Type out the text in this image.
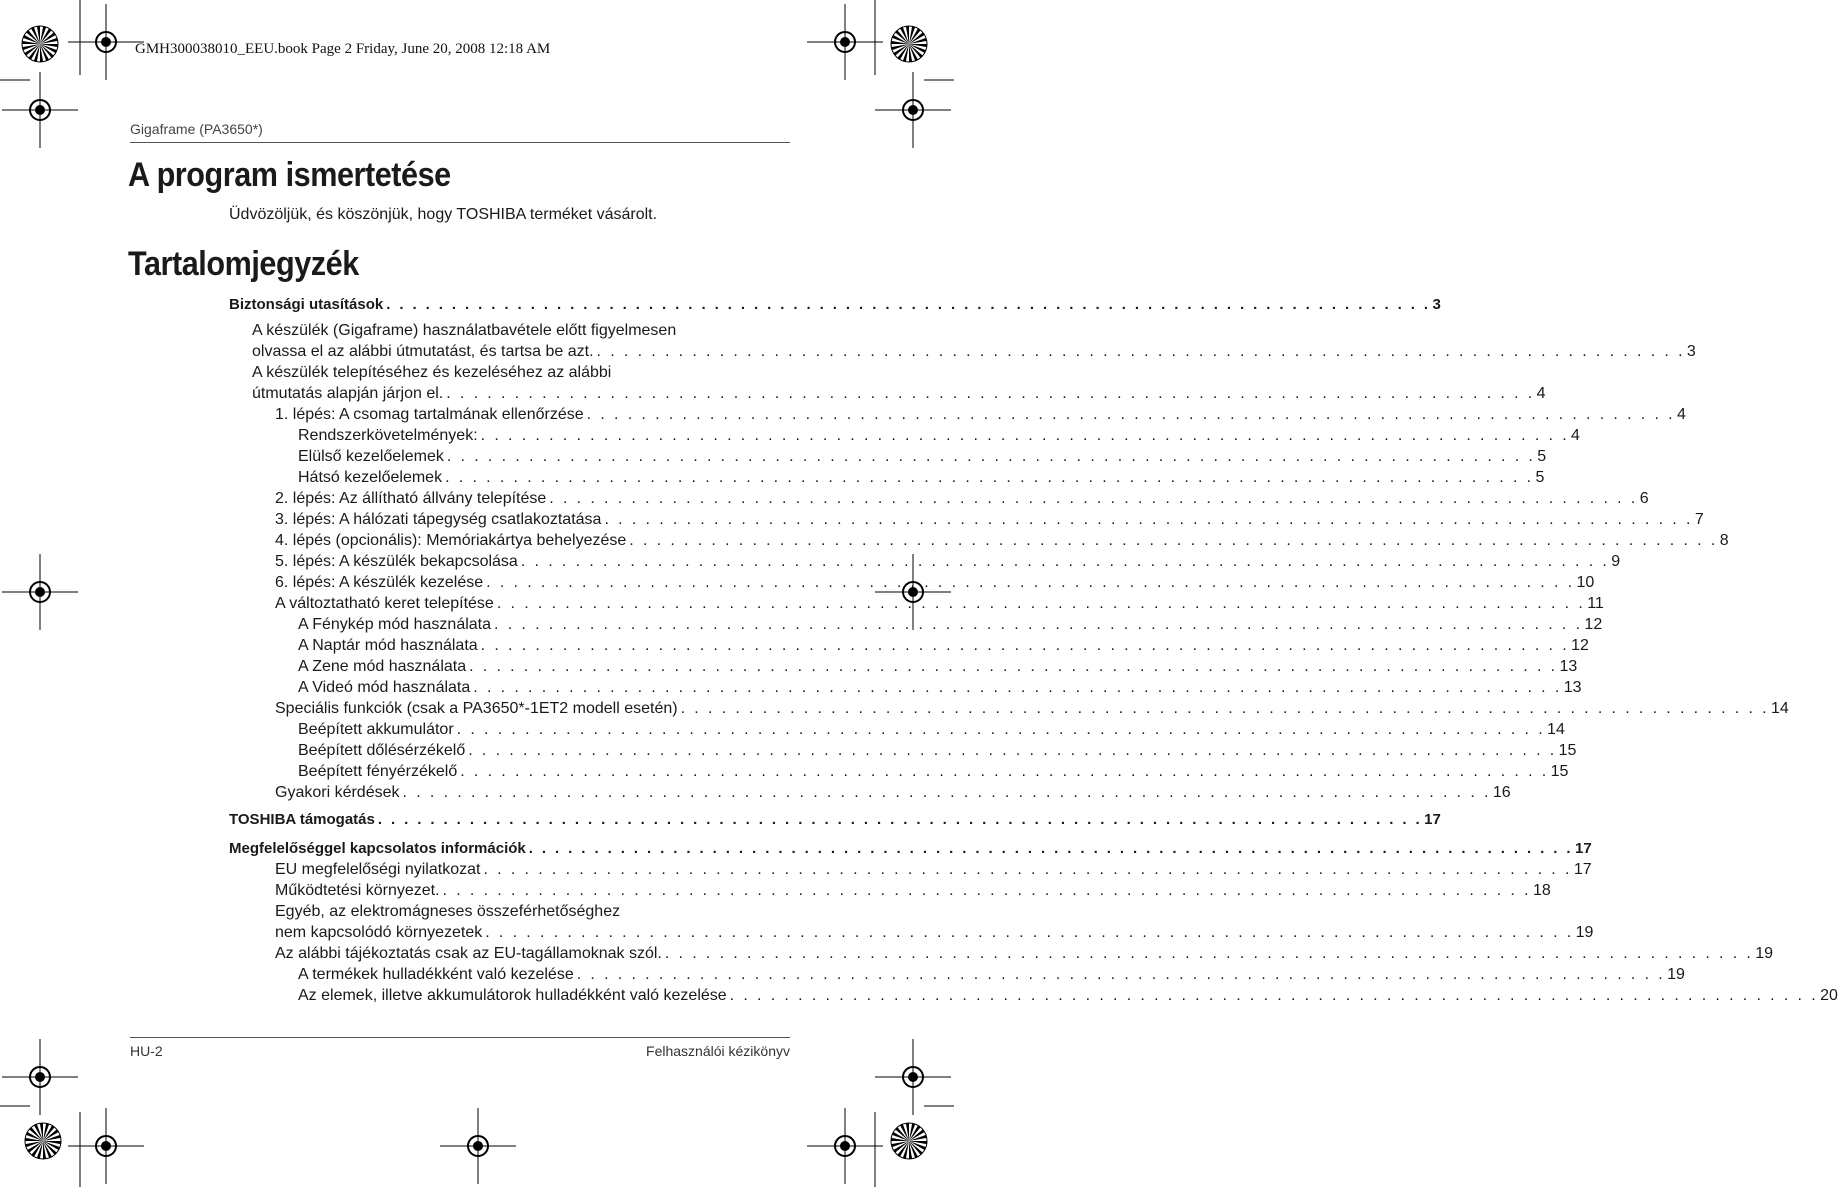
GMH300038010_EEU.book Page 2 Friday, June 20, 2008 12:18 AM
Gigaframe (PA3650*)
A program ismertetése
Üdvözöljük, és köszönjük, hogy TOSHIBA terméket vásárolt.
Tartalomjegyzék
Biztonsági utasítások . . . . . . . . . . . . . . . . . . . . . . . . . . . . . . . . . . . . . . . . . . . . . . . . . . . . . . . . . . . . . . . . . . . . . . . . . . . . . . . . 3
A készülék (Gigaframe) használatbavétele előtt figyelmesen
olvassa el az alábbi útmutatást, és tartsa be azt. . . . . . . . . . . . . . . . . . . . . . . . . . . . . . . . . . . . . . . . . . . . . . . . . . . . . . . . . . . . . . . . . . . . . . . . . . . . . . . . . 3
A készülék telepítéséhez és kezeléséhez az alábbi
útmutatás alapján járjon el. . . . . . . . . . . . . . . . . . . . . . . . . . . . . . . . . . . . . . . . . . . . . . . . . . . . . . . . . . . . . . . . . . . . . . . . . . . . . . . . . 4
1. lépés: A csomag tartalmának ellenőrzése . . . . . . . . . . . . . . . . . . . . . . . . . . . . . . . . . . . . . . . . . . . . . . . . . . . . . . . . . . . . . . . . . . . . . . . . . . . . . . . . 4
Rendszerkövetelmények: . . . . . . . . . . . . . . . . . . . . . . . . . . . . . . . . . . . . . . . . . . . . . . . . . . . . . . . . . . . . . . . . . . . . . . . . . . . . . . . . 4
Elülső kezelőelemek . . . . . . . . . . . . . . . . . . . . . . . . . . . . . . . . . . . . . . . . . . . . . . . . . . . . . . . . . . . . . . . . . . . . . . . . . . . . . . . . 5
Hátsó kezelőelemek . . . . . . . . . . . . . . . . . . . . . . . . . . . . . . . . . . . . . . . . . . . . . . . . . . . . . . . . . . . . . . . . . . . . . . . . . . . . . . . . 5
2. lépés: Az állítható állvány telepítése . . . . . . . . . . . . . . . . . . . . . . . . . . . . . . . . . . . . . . . . . . . . . . . . . . . . . . . . . . . . . . . . . . . . . . . . . . . . . . . . 6
3. lépés: A hálózati tápegység csatlakoztatása . . . . . . . . . . . . . . . . . . . . . . . . . . . . . . . . . . . . . . . . . . . . . . . . . . . . . . . . . . . . . . . . . . . . . . . . . . . . . . . . 7
4. lépés (opcionális): Memóriakártya behelyezése . . . . . . . . . . . . . . . . . . . . . . . . . . . . . . . . . . . . . . . . . . . . . . . . . . . . . . . . . . . . . . . . . . . . . . . . . . . . . . . . 8
5. lépés: A készülék bekapcsolása . . . . . . . . . . . . . . . . . . . . . . . . . . . . . . . . . . . . . . . . . . . . . . . . . . . . . . . . . . . . . . . . . . . . . . . . . . . . . . . . 9
6. lépés: A készülék kezelése . . . . . . . . . . . . . . . . . . . . . . . . . . . . . . . . . . . . . . . . . . . . . . . . . . . . . . . . . . . . . . . . . . . . . . . . . . . . . . . . 10
A változtatható keret telepítése . . . . . . . . . . . . . . . . . . . . . . . . . . . . . . . . . . . . . . . . . . . . . . . . . . . . . . . . . . . . . . . . . . . . . . . . . . . . . . . . 11
A Fénykép mód használata . . . . . . . . . . . . . . . . . . . . . . . . . . . . . . . . . . . . . . . . . . . . . . . . . . . . . . . . . . . . . . . . . . . . . . . . . . . . . . . . 12
A Naptár mód használata . . . . . . . . . . . . . . . . . . . . . . . . . . . . . . . . . . . . . . . . . . . . . . . . . . . . . . . . . . . . . . . . . . . . . . . . . . . . . . . . 12
A Zene mód használata . . . . . . . . . . . . . . . . . . . . . . . . . . . . . . . . . . . . . . . . . . . . . . . . . . . . . . . . . . . . . . . . . . . . . . . . . . . . . . . . 13
A Videó mód használata . . . . . . . . . . . . . . . . . . . . . . . . . . . . . . . . . . . . . . . . . . . . . . . . . . . . . . . . . . . . . . . . . . . . . . . . . . . . . . . . 13
Speciális funkciók (csak a PA3650*-1ET2 modell esetén) . . . . . . . . . . . . . . . . . . . . . . . . . . . . . . . . . . . . . . . . . . . . . . . . . . . . . . . . . . . . . . . . . . . . . . . . . . . . . . . . 14
Beépített akkumulátor . . . . . . . . . . . . . . . . . . . . . . . . . . . . . . . . . . . . . . . . . . . . . . . . . . . . . . . . . . . . . . . . . . . . . . . . . . . . . . . . 14
Beépített dőlésérzékelő . . . . . . . . . . . . . . . . . . . . . . . . . . . . . . . . . . . . . . . . . . . . . . . . . . . . . . . . . . . . . . . . . . . . . . . . . . . . . . . . 15
Beépített fényérzékelő . . . . . . . . . . . . . . . . . . . . . . . . . . . . . . . . . . . . . . . . . . . . . . . . . . . . . . . . . . . . . . . . . . . . . . . . . . . . . . . . 15
Gyakori kérdések . . . . . . . . . . . . . . . . . . . . . . . . . . . . . . . . . . . . . . . . . . . . . . . . . . . . . . . . . . . . . . . . . . . . . . . . . . . . . . . . 16
TOSHIBA támogatás . . . . . . . . . . . . . . . . . . . . . . . . . . . . . . . . . . . . . . . . . . . . . . . . . . . . . . . . . . . . . . . . . . . . . . . . . . . . . . . . 17
Megfelelőséggel kapcsolatos információk . . . . . . . . . . . . . . . . . . . . . . . . . . . . . . . . . . . . . . . . . . . . . . . . . . . . . . . . . . . . . . . . . . . . . . . . . . . . . . . . 17
EU megfelelőségi nyilatkozat . . . . . . . . . . . . . . . . . . . . . . . . . . . . . . . . . . . . . . . . . . . . . . . . . . . . . . . . . . . . . . . . . . . . . . . . . . . . . . . . 17
Működtetési környezet. . . . . . . . . . . . . . . . . . . . . . . . . . . . . . . . . . . . . . . . . . . . . . . . . . . . . . . . . . . . . . . . . . . . . . . . . . . . . . . . . 18
Egyéb, az elektromágneses összeférhetőséghez
nem kapcsolódó környezetek . . . . . . . . . . . . . . . . . . . . . . . . . . . . . . . . . . . . . . . . . . . . . . . . . . . . . . . . . . . . . . . . . . . . . . . . . . . . . . . . 19
Az alábbi tájékoztatás csak az EU-tagállamoknak szól. . . . . . . . . . . . . . . . . . . . . . . . . . . . . . . . . . . . . . . . . . . . . . . . . . . . . . . . . . . . . . . . . . . . . . . . . . . . . . . . . 19
A termékek hulladékként való kezelése . . . . . . . . . . . . . . . . . . . . . . . . . . . . . . . . . . . . . . . . . . . . . . . . . . . . . . . . . . . . . . . . . . . . . . . . . . . . . . . . 19
Az elemek, illetve akkumulátorok hulladékként való kezelése . . . . . . . . . . . . . . . . . . . . . . . . . . . . . . . . . . . . . . . . . . . . . . . . . . . . . . . . . . . . . . . . . . . . . . . . . . . . . . . . 20
HU-2	Felhasználói kézikönyv
